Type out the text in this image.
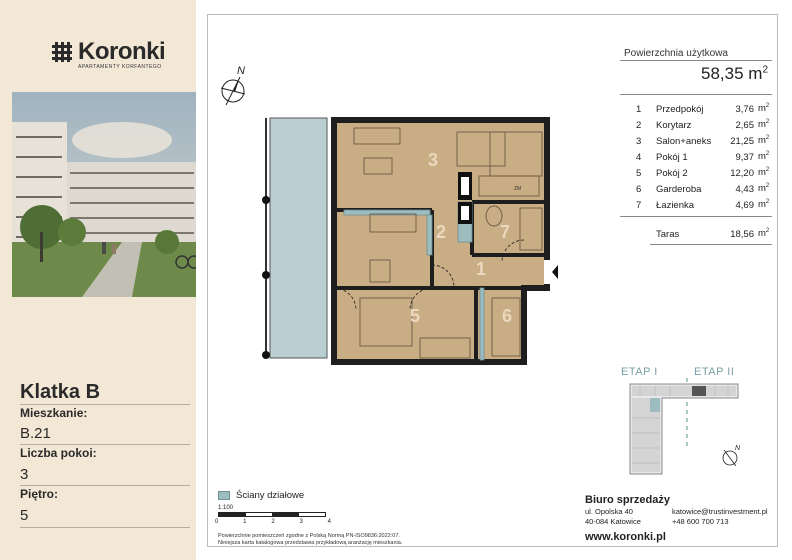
Koronki
APARTAMENTY KORFANTEGO
Klatka B
Mieszkanie:
B.21
Liczba pokoi:
3
Piętro:
5
N
3
2	7
1
5	6
ZM
Powierzchnia użytkowa
58,35 $m^2$
1	Przedpokój	3,76 $m^2$
2	Korytarz	2,65 $m^2$
3	Salon+aneks	21,25 $m^2$
4	Pokój 1	9,37 $m^2$
5	Pokój 2	12,20 $m^2$
6	Garderoba	4,43 $m^2$
7	Łazienka	4,69 $m^2$
Taras	18,56 $m^2$
ETAP I	ETAP II
N
Ściany działowe
1:100
0	1	2	3	4
Powierzchnie pomieszczeń zgodne z Polską Normą PN-ISO9836:2022:07.
Niniejsza karta katalogowa przedstawia przykładową aranżację mieszkania.
Biuro sprzedaży
ul. Opolska 40
40-084 Katowice
katowice@trustinvestment.pl
+48 600 700 713
www.koronki.pl
